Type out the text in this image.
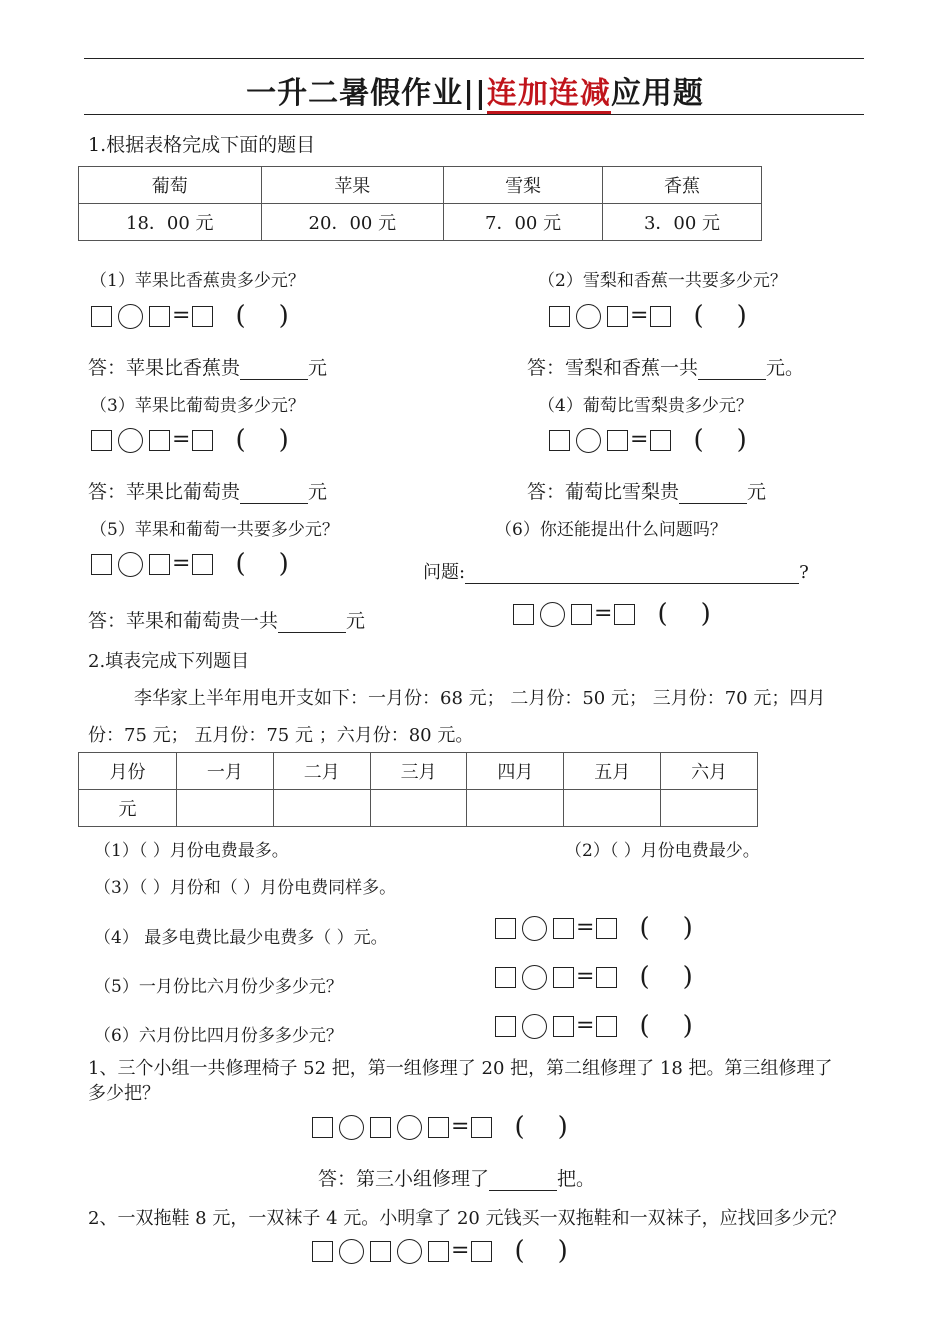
一升二暑假作业||连加连减应用题
1.根据表格完成下面的题目
葡萄	苹果	雪梨	香蕉
18．00 元	20．00 元	7．00 元	3．00 元
（1）苹果比香蕉贵多少元？	（2）雪梨和香蕉一共要多少元？
= ( )	= ( )
答：苹果比香蕉贵	元	答：雪梨和香蕉一共	元。
（3）苹果比葡萄贵多少元？	（4）葡萄比雪梨贵多少元？
= ( )	= ( )
答：苹果比葡萄贵	元	答：葡萄比雪梨贵	元
（5）苹果和葡萄一共要多少元？	（6）你还能提出什么问题吗？
= ( )	问题:	?
答：苹果和葡萄贵一共	元	= ( )
2.填表完成下列题目
李华家上半年用电开支如下：一月份：68 元； 二月份：50 元； 三月份：70 元；四月
份：75 元； 五月份：75 元 ；六月份：80 元。
月份	一月	二月	三月	四月	五月	六月
元						
（1）（ ）月份电费最多。	（2）（ ）月份电费最少。
（3）（ ）月份和（ ）月份电费同样多。
（4） 最多电费比最少电费多（ ）元。
（5）一月份比六月份少多少元？
（6）六月份比四月份多多少元？
= ( )
= ( )
= ( )
1、三个小组一共修理椅子 52 把，第一组修理了 20 把，第二组修理了 18 把。第三组修理了
多少把？
= ( )
答：第三小组修理了	把。
2、一双拖鞋 8 元，一双袜子 4 元。小明拿了 20 元钱买一双拖鞋和一双袜子，应找回多少元？
= ( )
